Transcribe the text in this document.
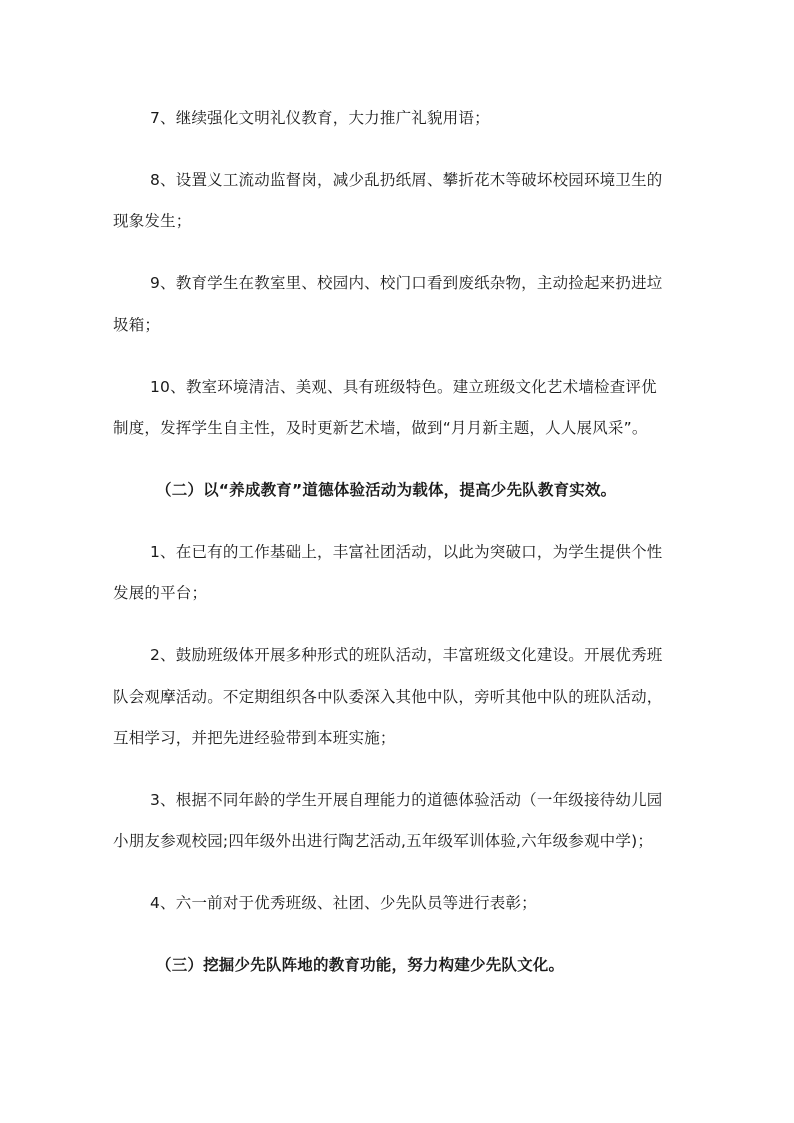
7、继续强化文明礼仪教育，大力推广礼貌用语；
8、设置义工流动监督岗，减少乱扔纸屑、攀折花木等破坏校园环境卫生的
现象发生；
9、教育学生在教室里、校园内、校门口看到废纸杂物，主动捡起来扔进垃
圾箱；
10、教室环境清洁、美观、具有班级特色。建立班级文化艺术墙检查评优
制度，发挥学生自主性，及时更新艺术墙，做到“月月新主题，人人展风采”。
（二）以“养成教育”道德体验活动为载体，提高少先队教育实效。
1、在已有的工作基础上，丰富社团活动，以此为突破口，为学生提供个性
发展的平台；
2、鼓励班级体开展多种形式的班队活动，丰富班级文化建设。开展优秀班
队会观摩活动。不定期组织各中队委深入其他中队，旁听其他中队的班队活动，
互相学习，并把先进经验带到本班实施；
3、根据不同年龄的学生开展自理能力的道德体验活动（一年级接待幼儿园
小朋友参观校园;四年级外出进行陶艺活动,五年级军训体验,六年级参观中学)；
4、六一前对于优秀班级、社团、少先队员等进行表彰；
（三）挖掘少先队阵地的教育功能，努力构建少先队文化。
